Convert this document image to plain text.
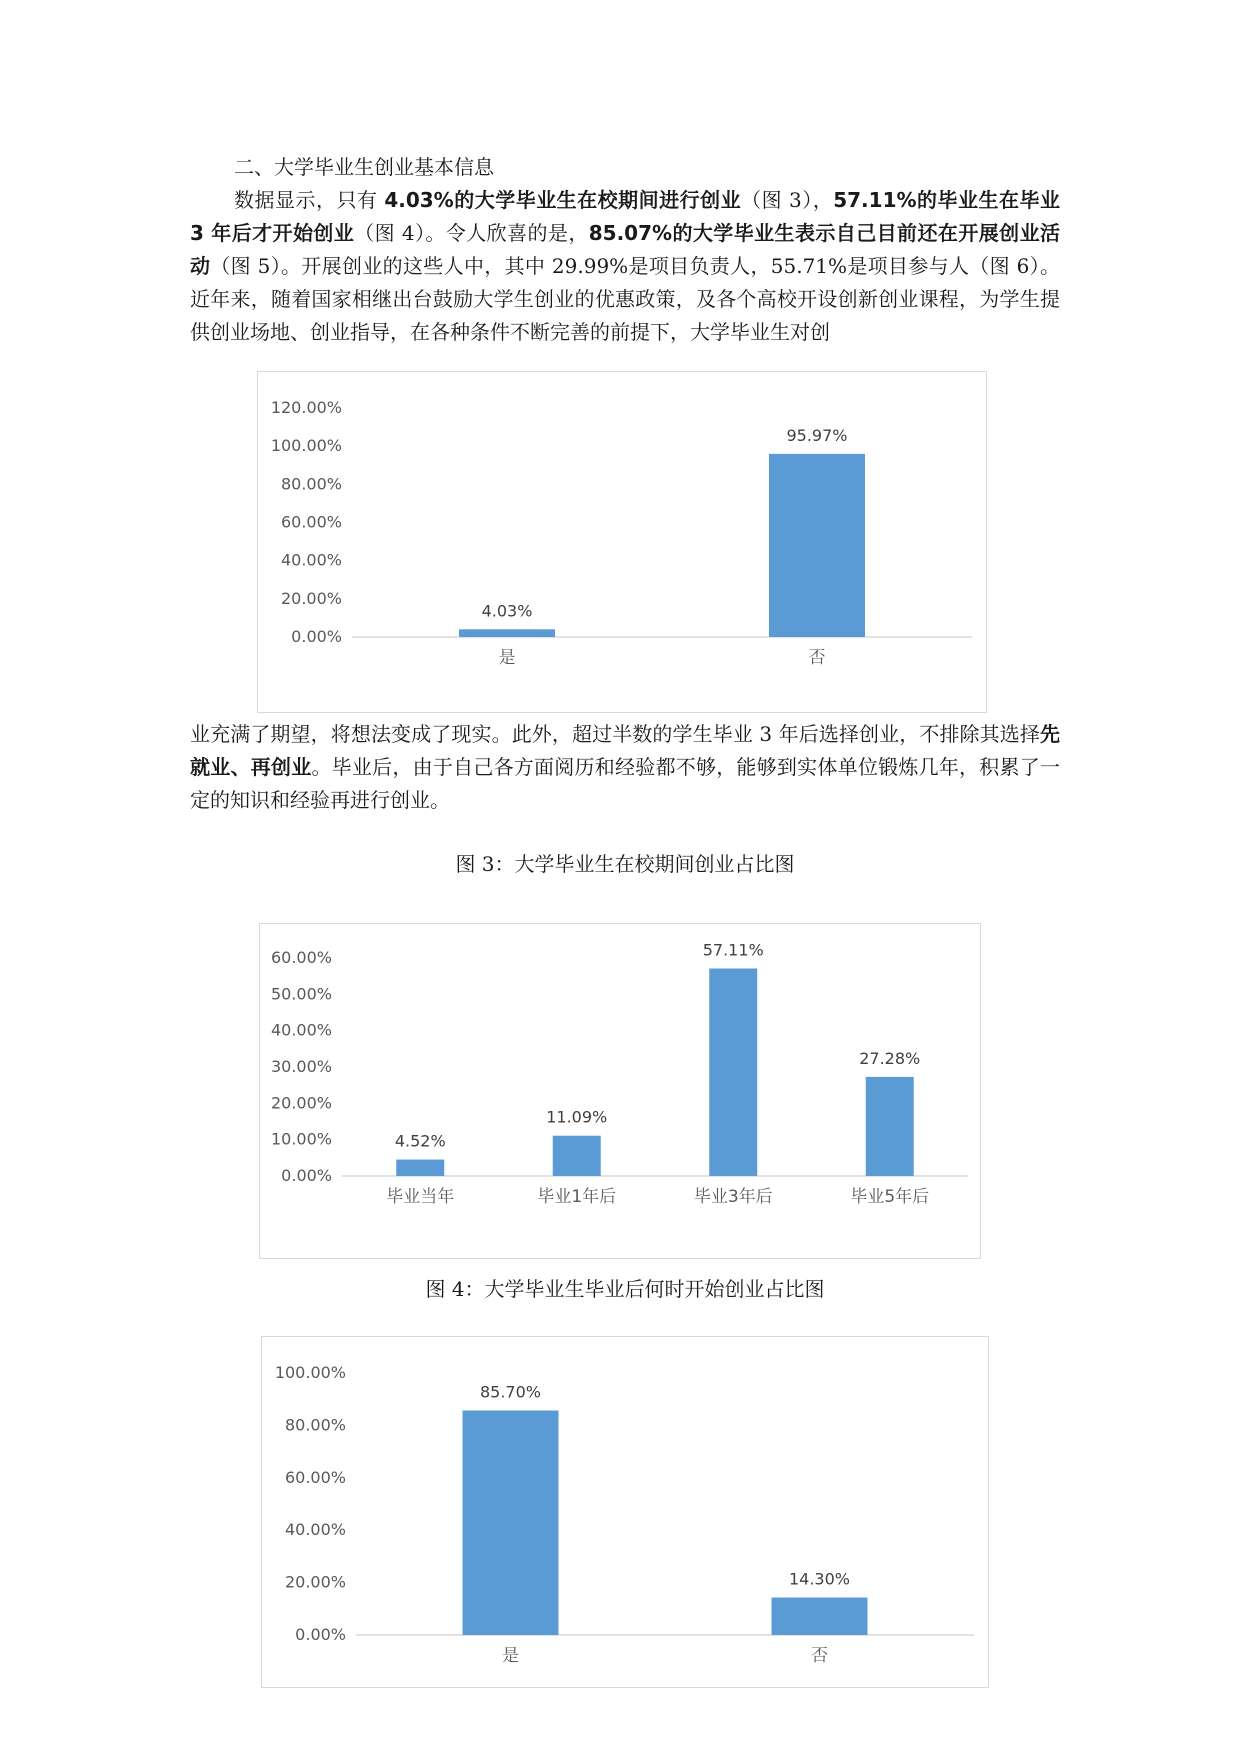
二、大学毕业生创业基本信息

数据显示，只有 4.03%的大学毕业生在校期间进行创业（图 3），57.11%的毕业生在毕业 3 年后才开始创业（图 4）。令人欣喜的是，85.07%的大学毕业生表示自己目前还在开展创业活动（图 5）。开展创业的这些人中，其中 29.99%是项目负责人，55.71%是项目参与人（图 6）。近年来，随着国家相继出台鼓励大学生创业的优惠政策，及各个高校开设创新创业课程，为学生提供创业场地、创业指导，在各种条件不断完善的前提下，大学毕业生对创

0.00%
20.00%
40.00%
60.00%
80.00%
100.00%
120.00%
4.03%
是
95.97%
否

业充满了期望，将想法变成了现实。此外，超过半数的学生毕业 3 年后选择创业，不排除其选择先就业、再创业。毕业后，由于自己各方面阅历和经验都不够，能够到实体单位锻炼几年，积累了一定的知识和经验再进行创业。

图 3：大学毕业生在校期间创业占比图
0.00%
10.00%
20.00%
30.00%
40.00%
50.00%
60.00%
4.52%
毕业当年
11.09%
毕业1年后
57.11%
毕业3年后
27.28%
毕业5年后
图 4：大学毕业生毕业后何时开始创业占比图
0.00%
20.00%
40.00%
60.00%
80.00%
100.00%
85.70%
是
14.30%
否
